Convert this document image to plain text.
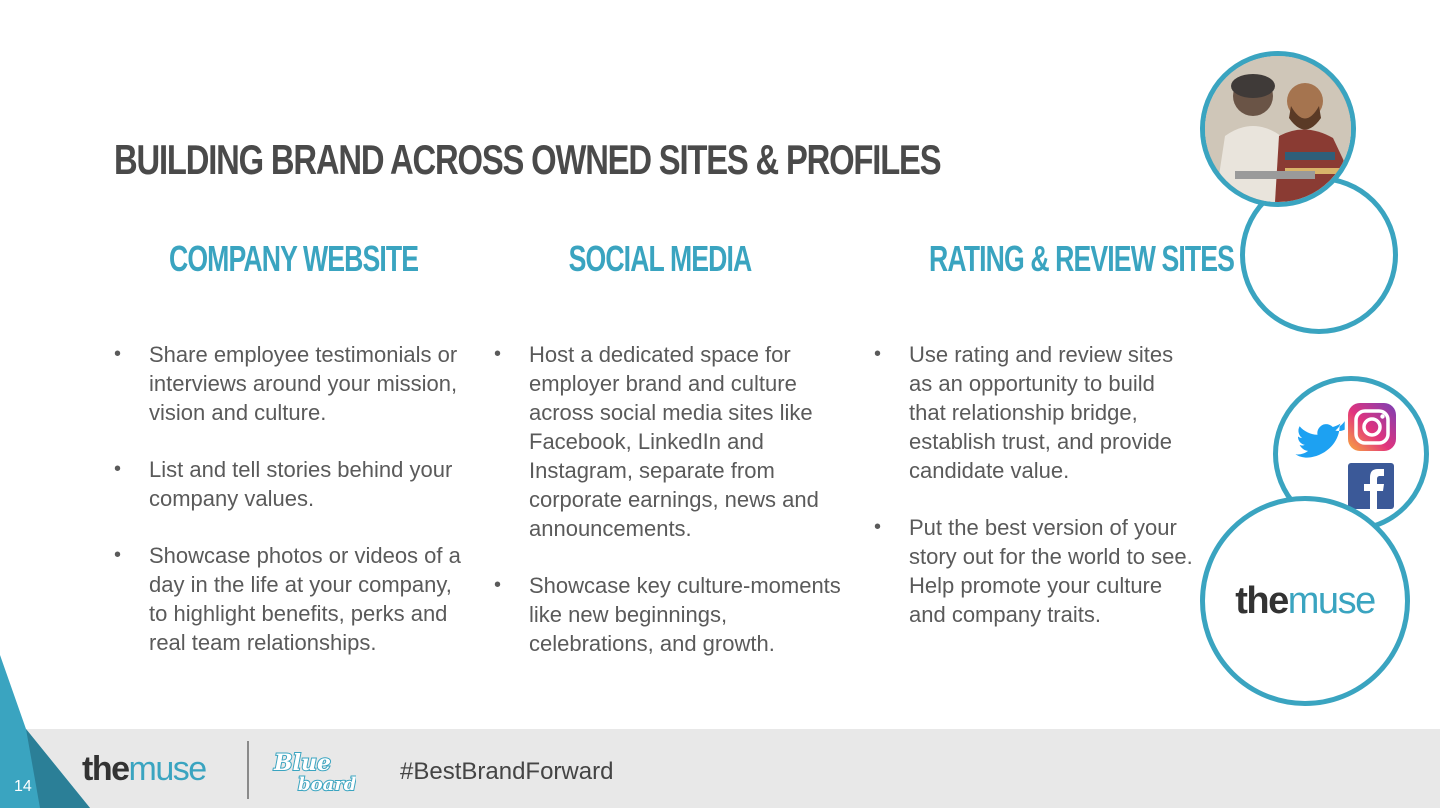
BUILDING BRAND ACROSS OWNED SITES & PROFILES
COMPANY WEBSITE	SOCIAL MEDIA	RATING & REVIEW SITES
• Share employee testimonials or interviews around your mission, vision and culture.
• List and tell stories behind your company values.
• Showcase photos or videos of a day in the life at your company, to highlight benefits, perks and real team relationships.
• Host a dedicated space for employer brand and culture across social media sites like Facebook, LinkedIn and Instagram, separate from corporate earnings, news and announcements.
• Showcase key culture-moments like new beginnings, celebrations, and growth.
• Use rating and review sites as an opportunity to build that relationship bridge, establish trust, and provide candidate value.
• Put the best version of your story out for the world to see. Help promote your culture and company traits.	themuse
14 themuse	Blue
board #BestBrandForward
